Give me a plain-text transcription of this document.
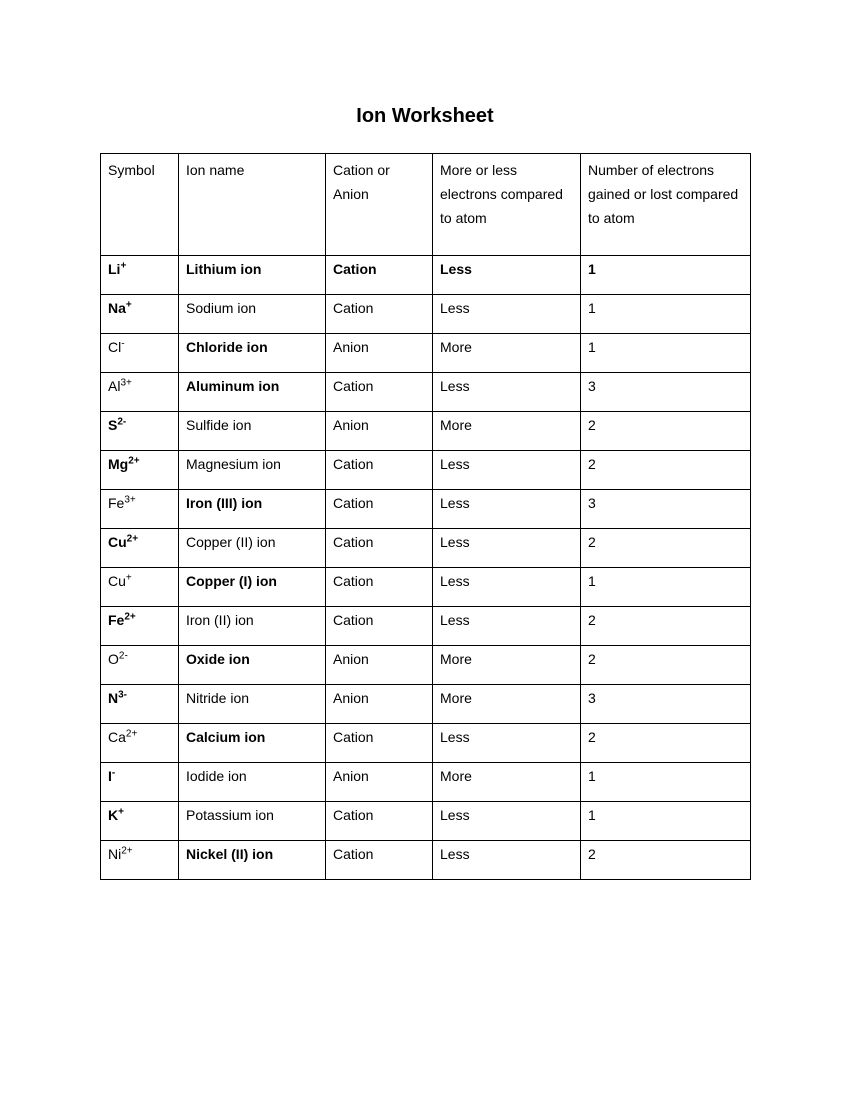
Ion Worksheet
Symbol	Ion name	Cation or Anion	More or less electrons compared to atom	Number of electrons gained or lost compared to atom
Li+	Lithium ion	Cation	Less	1
Na+	Sodium ion	Cation	Less	1
Cl-	Chloride ion	Anion	More	1
$Al^{3+}$	Aluminum ion	Cation	Less	3
$S^{2-}$	Sulfide ion	Anion	More	2
$Mg^{2+}$	Magnesium ion	Cation	Less	2
$Fe^{3+}$	Iron (III) ion	Cation	Less	3
$Cu^{2+}$	Copper (II) ion	Cation	Less	2
Cu+	Copper (I) ion	Cation	Less	1
$Fe^{2+}$	Iron (II) ion	Cation	Less	2
$O^{2-}$	Oxide ion	Anion	More	2
$N^{3-}$	Nitride ion	Anion	More	3
$Ca^{2+}$	Calcium ion	Cation	Less	2
I-	Iodide ion	Anion	More	1
K+	Potassium ion	Cation	Less	1
$Ni^{2+}$	Nickel (II) ion	Cation	Less	2
